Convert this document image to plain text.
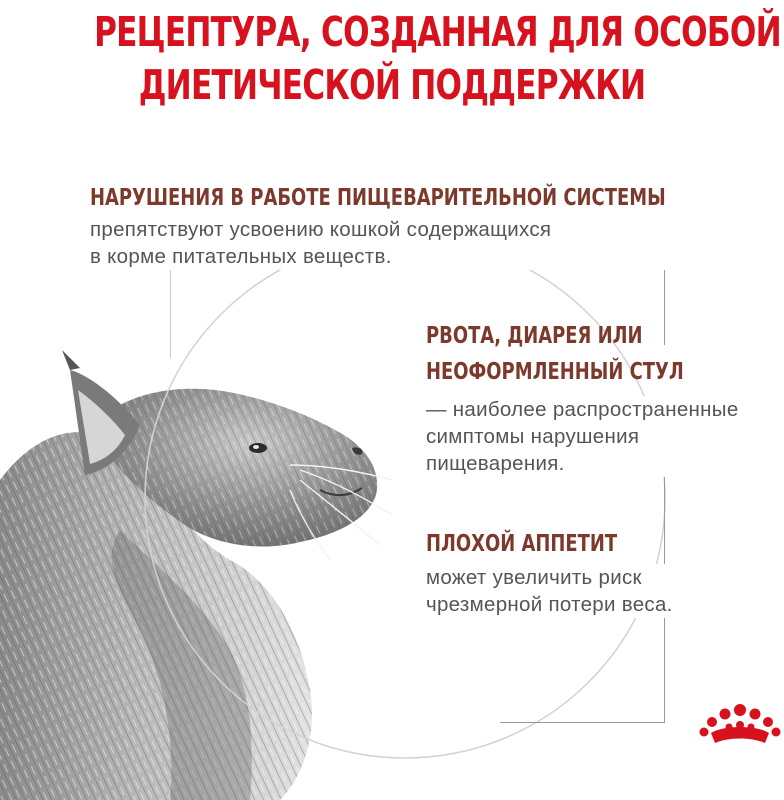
РЕЦЕПТУРА, СОЗДАННАЯ ДЛЯ ОСОБОЙ
ДИЕТИЧЕСКОЙ ПОДДЕРЖКИ
НАРУШЕНИЯ В РАБОТЕ ПИЩЕВАРИТЕЛЬНОЙ СИСТЕМЫ
препятствуют усвоению кошкой содержащихся
в корме питательных веществ.
РВОТА, ДИАРЕЯ ИЛИ
НЕОФОРМЛЕННЫЙ СТУЛ
— наиболее распространенные
симптомы нарушения
пищеварения.
ПЛОХОЙ АППЕТИТ
может увеличить риск
чрезмерной потери веса.
